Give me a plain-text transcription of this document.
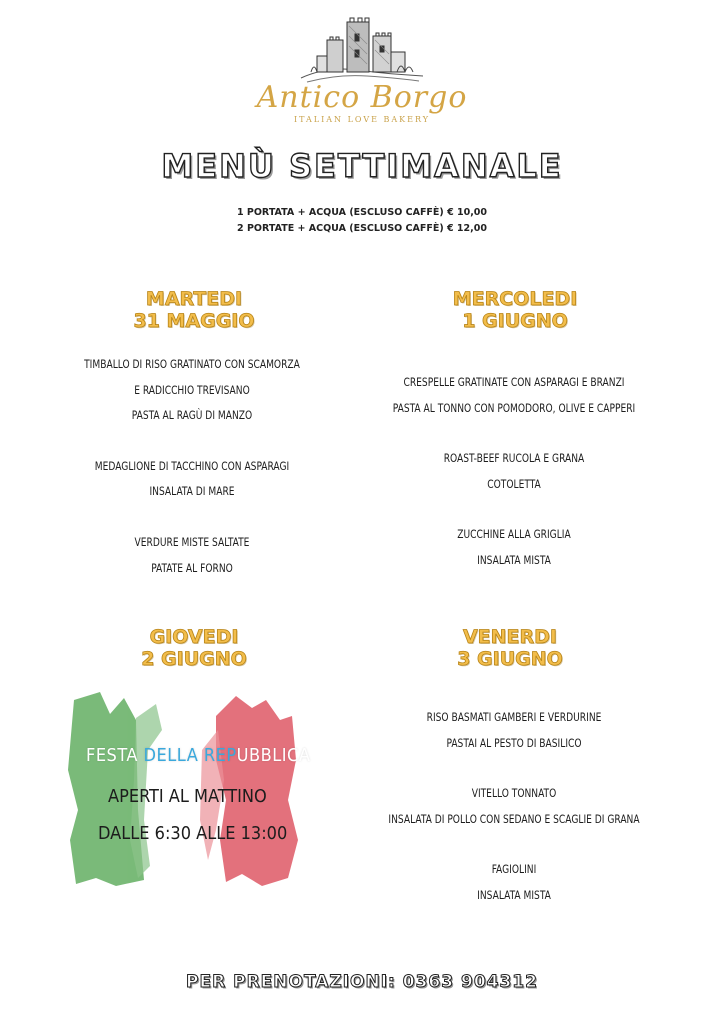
Antico Borgo
ITALIAN LOVE BAKERY
MENÙ SETTIMANALE
1 PORTATA + ACQUA (ESCLUSO CAFFÈ) € 10,00
2 PORTATE + ACQUA (ESCLUSO CAFFÈ) € 12,00
MARTEDI
31 MAGGIO
TIMBALLO DI RISO GRATINATO CON SCAMORZA
E RADICCHIO TREVISANO
PASTA AL RAGÙ DI MANZO
MEDAGLIONE DI TACCHINO CON ASPARAGI
INSALATA DI MARE
VERDURE MISTE SALTATE
PATATE AL FORNO
MERCOLEDI
1 GIUGNO
CRESPELLE GRATINATE CON ASPARAGI E BRANZI
PASTA AL TONNO CON POMODORO, OLIVE E CAPPERI
ROAST-BEEF RUCOLA E GRANA
COTOLETTA
ZUCCHINE ALLA GRIGLIA
INSALATA MISTA
GIOVEDI
2 GIUGNO
FESTA DELLA REPUBBLICA
APERTI AL MATTINO
DALLE 6:30 ALLE 13:00
VENERDI
3 GIUGNO
RISO BASMATI GAMBERI E VERDURINE
PASTAI AL PESTO DI BASILICO
VITELLO TONNATO
INSALATA DI POLLO CON SEDANO E SCAGLIE DI GRANA
FAGIOLINI
INSALATA MISTA
PER PRENOTAZIONI: 0363 904312
